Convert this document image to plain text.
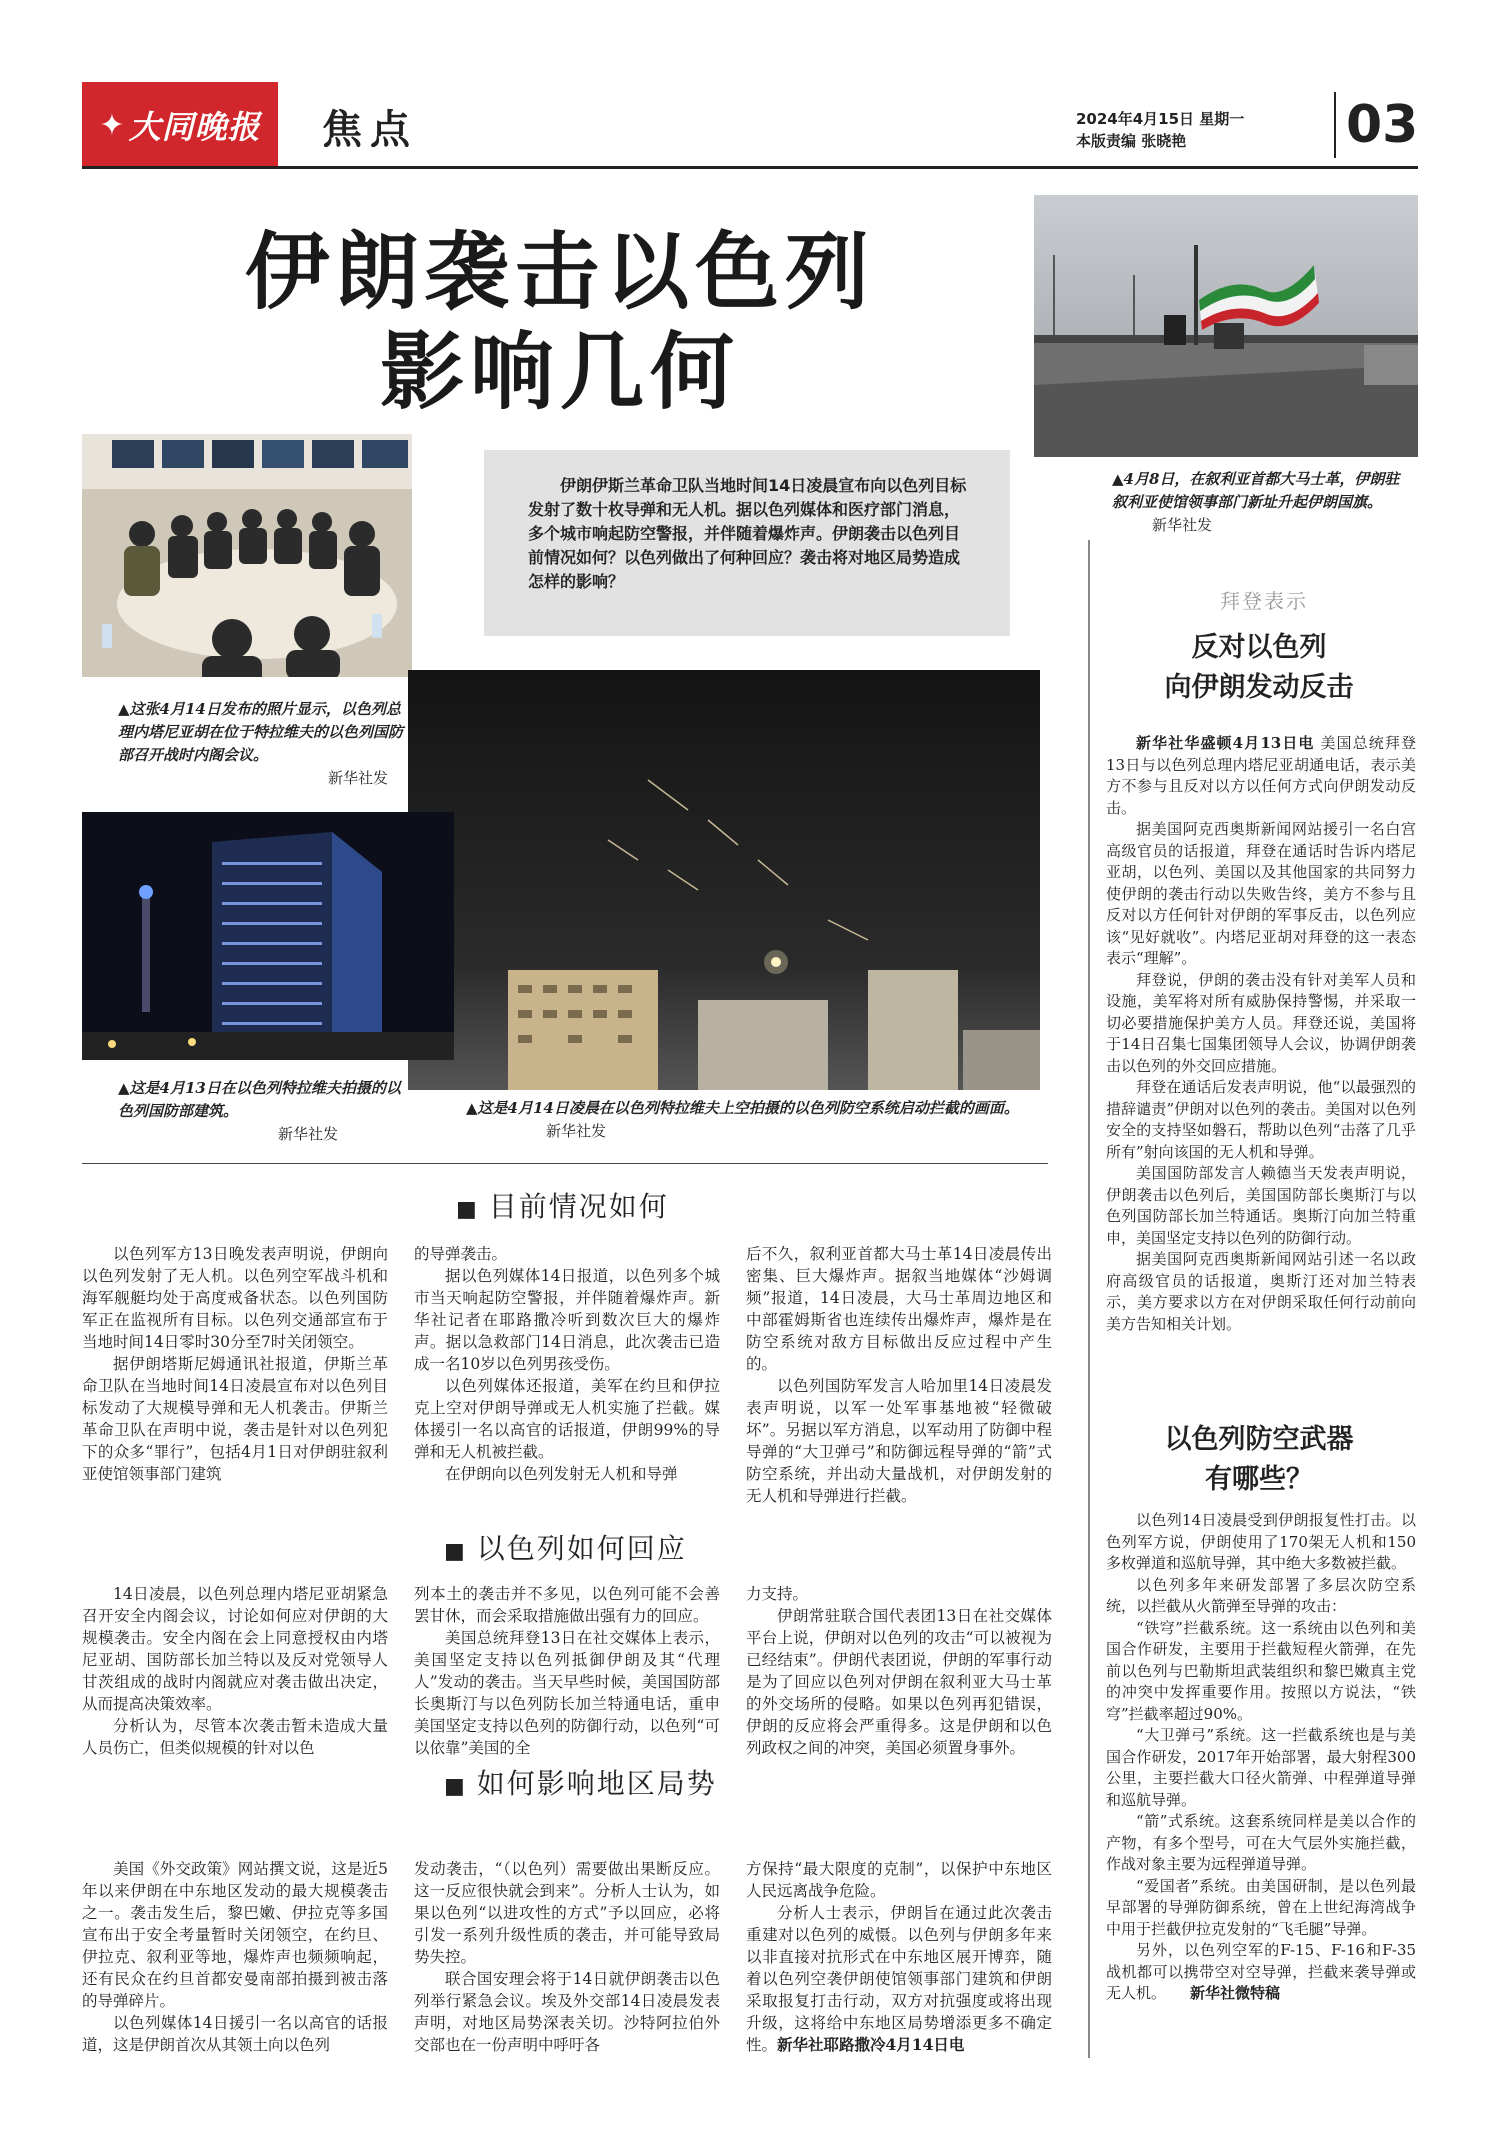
✦ 大同晚报 焦点	2024年4月15日 星期一
本版责编 张晓艳	03
伊朗袭击以色列
影响几何
▲4月8日，在叙利亚首都大马士革，伊朗驻叙利亚使馆领事部门新址升起伊朗国旗。 新华社发
▲这张4月14日发布的照片显示，以色列总理内塔尼亚胡在位于特拉维夫的以色列国防部召开战时内阁会议。
新华社发
伊朗伊斯兰革命卫队当地时间14日凌晨宣布向以色列目标发射了数十枚导弹和无人机。据以色列媒体和医疗部门消息，多个城市响起防空警报，并伴随着爆炸声。伊朗袭击以色列目前情况如何？以色列做出了何种回应？袭击将对地区局势造成怎样的影响？
▲这是4月14日凌晨在以色列特拉维夫上空拍摄的以色列防空系统启动拦截的画面。 新华社发
▲这是4月13日在以色列特拉维夫拍摄的以色列国防部建筑。
新华社发
■ 目前情况如何

以色列军方13日晚发表声明说，伊朗向以色列发射了无人机。以色列空军战斗机和海军舰艇均处于高度戒备状态。以色列国防军正在监视所有目标。以色列交通部宣布于当地时间14日零时30分至7时关闭领空。

据伊朗塔斯尼姆通讯社报道，伊斯兰革命卫队在当地时间14日凌晨宣布对以色列目标发动了大规模导弹和无人机袭击。伊斯兰革命卫队在声明中说，袭击是针对以色列犯下的众多“罪行”，包括4月1日对伊朗驻叙利亚使馆领事部门建筑

的导弹袭击。

据以色列媒体14日报道，以色列多个城市当天响起防空警报，并伴随着爆炸声。新华社记者在耶路撒冷听到数次巨大的爆炸声。据以急救部门14日消息，此次袭击已造成一名10岁以色列男孩受伤。

以色列媒体还报道，美军在约旦和伊拉克上空对伊朗导弹或无人机实施了拦截。媒体援引一名以高官的话报道，伊朗99%的导弹和无人机被拦截。

在伊朗向以色列发射无人机和导弹

后不久，叙利亚首都大马士革14日凌晨传出密集、巨大爆炸声。据叙当地媒体“沙姆调频”报道，14日凌晨，大马士革周边地区和中部霍姆斯省也连续传出爆炸声，爆炸是在防空系统对敌方目标做出反应过程中产生的。

以色列国防军发言人哈加里14日凌晨发表声明说，以军一处军事基地被“轻微破坏”。另据以军方消息，以军动用了防御中程导弹的“大卫弹弓”和防御远程导弹的“箭”式防空系统，并出动大量战机，对伊朗发射的无人机和导弹进行拦截。

■ 以色列如何回应

14日凌晨，以色列总理内塔尼亚胡紧急召开安全内阁会议，讨论如何应对伊朗的大规模袭击。安全内阁在会上同意授权由内塔尼亚胡、国防部长加兰特以及反对党领导人甘茨组成的战时内阁就应对袭击做出决定，从而提高决策效率。

分析认为，尽管本次袭击暂未造成大量人员伤亡，但类似规模的针对以色

列本土的袭击并不多见，以色列可能不会善罢甘休，而会采取措施做出强有力的回应。

美国总统拜登13日在社交媒体上表示，美国坚定支持以色列抵御伊朗及其“代理人”发动的袭击。当天早些时候，美国国防部长奥斯汀与以色列防长加兰特通电话，重申美国坚定支持以色列的防御行动，以色列“可以依靠”美国的全

力支持。

伊朗常驻联合国代表团13日在社交媒体平台上说，伊朗对以色列的攻击“可以被视为已经结束”。伊朗代表团说，伊朗的军事行动是为了回应以色列对伊朗在叙利亚大马士革的外交场所的侵略。如果以色列再犯错误，伊朗的反应将会严重得多。这是伊朗和以色列政权之间的冲突，美国必须置身事外。

■ 如何影响地区局势

美国《外交政策》网站撰文说，这是近5年以来伊朗在中东地区发动的最大规模袭击之一。袭击发生后，黎巴嫩、伊拉克等多国宣布出于安全考量暂时关闭领空，在约旦、伊拉克、叙利亚等地，爆炸声也频频响起，还有民众在约旦首都安曼南部拍摄到被击落的导弹碎片。

以色列媒体14日援引一名以高官的话报道，这是伊朗首次从其领土向以色列

发动袭击，“（以色列）需要做出果断反应。这一反应很快就会到来”。分析人士认为，如果以色列“以进攻性的方式”予以回应，必将引发一系列升级性质的袭击，并可能导致局势失控。

联合国安理会将于14日就伊朗袭击以色列举行紧急会议。埃及外交部14日凌晨发表声明，对地区局势深表关切。沙特阿拉伯外交部也在一份声明中呼吁各

方保持“最大限度的克制”，以保护中东地区人民远离战争危险。

分析人士表示，伊朗旨在通过此次袭击重建对以色列的威慑。以色列与伊朗多年来以非直接对抗形式在中东地区展开博弈，随着以色列空袭伊朗使馆领事部门建筑和伊朗采取报复打击行动，双方对抗强度或将出现升级，这将给中东地区局势增添更多不确定性。新华社耶路撒冷4月14日电

拜登表示
反对以色列
向伊朗发动反击

新华社华盛顿4月13日电 美国总统拜登13日与以色列总理内塔尼亚胡通电话，表示美方不参与且反对以方以任何方式向伊朗发动反击。

据美国阿克西奥斯新闻网站援引一名白宫高级官员的话报道，拜登在通话时告诉内塔尼亚胡，以色列、美国以及其他国家的共同努力使伊朗的袭击行动以失败告终，美方不参与且反对以方任何针对伊朗的军事反击，以色列应该“见好就收”。内塔尼亚胡对拜登的这一表态表示“理解”。

拜登说，伊朗的袭击没有针对美军人员和设施，美军将对所有威胁保持警惕，并采取一切必要措施保护美方人员。拜登还说，美国将于14日召集七国集团领导人会议，协调伊朗袭击以色列的外交回应措施。

拜登在通话后发表声明说，他“以最强烈的措辞谴责”伊朗对以色列的袭击。美国对以色列安全的支持坚如磐石，帮助以色列“击落了几乎所有”射向该国的无人机和导弹。

美国国防部发言人赖德当天发表声明说，伊朗袭击以色列后，美国国防部长奥斯汀与以色列国防部长加兰特通话。奥斯汀向加兰特重申，美国坚定支持以色列的防御行动。

据美国阿克西奥斯新闻网站引述一名以政府高级官员的话报道，奥斯汀还对加兰特表示，美方要求以方在对伊朗采取任何行动前向美方告知相关计划。

以色列防空武器
有哪些？

以色列14日凌晨受到伊朗报复性打击。以色列军方说，伊朗使用了170架无人机和150多枚弹道和巡航导弹，其中绝大多数被拦截。

以色列多年来研发部署了多层次防空系统，以拦截从火箭弹至导弹的攻击：

“铁穹”拦截系统。这一系统由以色列和美国合作研发，主要用于拦截短程火箭弹，在先前以色列与巴勒斯坦武装组织和黎巴嫩真主党的冲突中发挥重要作用。按照以方说法，“铁穹”拦截率超过90%。

“大卫弹弓”系统。这一拦截系统也是与美国合作研发，2017年开始部署，最大射程300公里，主要拦截大口径火箭弹、中程弹道导弹和巡航导弹。

“箭”式系统。这套系统同样是美以合作的产物，有多个型号，可在大气层外实施拦截，作战对象主要为远程弹道导弹。

“爱国者”系统。由美国研制，是以色列最早部署的导弹防御系统，曾在上世纪海湾战争中用于拦截伊拉克发射的“飞毛腿”导弹。

另外，以色列空军的F-15、F-16和F-35战机都可以携带空对空导弹，拦截来袭导弹或无人机。 新华社微特稿
